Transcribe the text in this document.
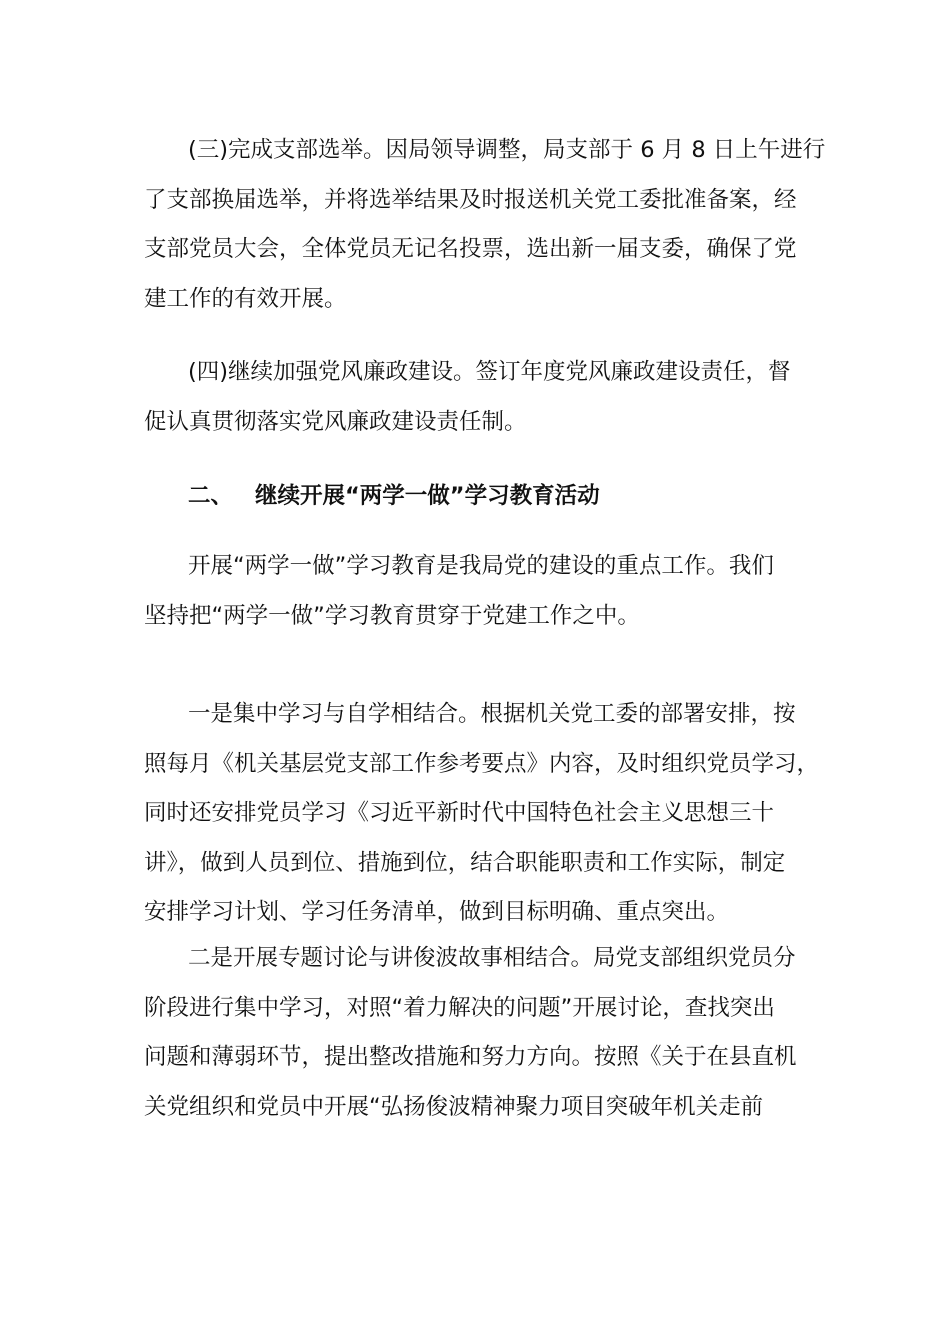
(三)完成支部选举。因局领导调整，局支部于 6 月 8 日上午进行
了支部换届选举，并将选举结果及时报送机关党工委批准备案，经
支部党员大会，全体党员无记名投票，选出新一届支委，确保了党
建工作的有效开展。
(四)继续加强党风廉政建设。签订年度党风廉政建设责任，督
促认真贯彻落实党风廉政建设责任制。
二、 继续开展“两学一做”学习教育活动
开展“两学一做”学习教育是我局党的建设的重点工作。我们
坚持把“两学一做”学习教育贯穿于党建工作之中。
一是集中学习与自学相结合。根据机关党工委的部署安排，按
照每月《机关基层党支部工作参考要点》内容，及时组织党员学习，
同时还安排党员学习《习近平新时代中国特色社会主义思想三十
讲》，做到人员到位、措施到位，结合职能职责和工作实际，制定
安排学习计划、学习任务清单，做到目标明确、重点突出。
二是开展专题讨论与讲俊波故事相结合。局党支部组织党员分
阶段进行集中学习，对照“着力解决的问题”开展讨论，查找突出
问题和薄弱环节，提出整改措施和努力方向。按照《关于在县直机
关党组织和党员中开展“弘扬俊波精神聚力项目突破年机关走前
